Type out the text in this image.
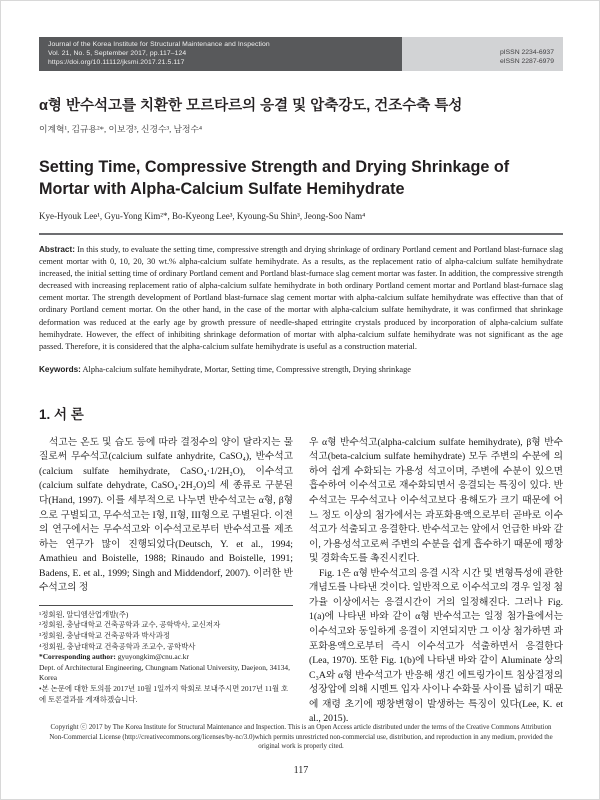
Journal of the Korea Institute for Structural Maintenance and Inspection
Vol. 21, No. 5, September 2017, pp.117–124
https://doi.org/10.11112/jksmi.2017.21.5.117
pISSN 2234-6937
eISSN 2287-6979
α형 반수석고를 치환한 모르타르의 응결 및 압축강도, 건조수축 특성
이계혁¹, 김규용²*, 이보경³, 신경수³, 남정수⁴
Setting Time, Compressive Strength and Drying Shrinkage of Mortar with Alpha-Calcium Sulfate Hemihydrate
Kye-Hyouk Lee¹, Gyu-Yong Kim²*, Bo-Kyeong Lee³, Kyoung-Su Shin³, Jeong-Soo Nam⁴

Abstract: In this study, to evaluate the setting time, compressive strength and drying shrinkage of ordinary Portland cement and Portland blast-furnace slag cement mortar with 0, 10, 20, 30 wt.% alpha-calcium sulfate hemihydrate. As a results, as the replacement ratio of alpha-calcium sulfate hemihydrate increased, the initial setting time of ordinary Portland cement and Portland blast-furnace slag cement mortar was faster. In addition, the compressive strength decreased with increasing replacement ratio of alpha-calcium sulfate hemihydrate in both ordinary Portland cement mortar and Portland blast-furnace slag cement mortar. The strength development of Portland blast-furnace slag cement mortar with alpha-calcium sulfate hemihydrate was effective than that of ordinary Portland cement mortar. On the other hand, in the case of the mortar with alpha-calcium sulfate hemihydrate, it was confirmed that shrinkage deformation was reduced at the early age by growth pressure of needle-shaped ettringite crystals produced by incorporation of alpha-calcium sulfate hemihydrate. However, the effect of inhibiting shrinkage deformation of mortar with alpha-calcium sulfate hemihydrate was not significant as the age passed. Therefore, it is considered that the alpha-calcium sulfate hemihydrate is useful as a construction material.

Keywords: Alpha-calcium sulfate hemihydrate, Mortar, Setting time, Compressive strength, Drying shrinkage

1. 서 론

석고는 온도 및 습도 등에 따라 결정수의 양이 달라지는 물질로써 무수석고(calcium sulfate anhydrite, CaSO₄), 반수석고(calcium sulfate hemihydrate, CaSO₄·1/2H₂O), 이수석고(calcium sulfate dehydrate, CaSO₄·2H₂O)의 세 종류로 구분된다(Hand, 1997). 이를 세부적으로 나누면 반수석고는 α형, β형으로 구별되고, 무수석고는 I형, II형, III형으로 구별된다. 이전의 연구에서는 무수석고와 이수석고로부터 반수석고를 제조하는 연구가 많이 진행되었다(Deutsch, Y. et al., 1994; Amathieu and Boistelle, 1988; Rinaudo and Boistelle, 1991; Badens, E. et al., 1999; Singh and Middendorf, 2007). 이러한 반수석고의 정

¹정회원, 알디엠산업개발(주)
²정회원, 충남대학교 건축공학과 교수, 공학박사, 교신저자
³정회원, 충남대학교 건축공학과 박사과정
⁴정회원, 충남대학교 건축공학과 조교수, 공학박사
*Corresponding author: gyuyongkim@cnu.ac.kr
Dept. of Architectural Engineering, Chungnam National University, Daejeon, 34134, Korea
•본 논문에 대한 토의를 2017년 10월 1일까지 학회로 보내주시면 2017년 11월 호에 토론결과를 게재하겠습니다.

우 α형 반수석고(alpha-calcium sulfate hemihydrate), β형 반수석고(beta-calcium sulfate hemihydrate) 모두 주변의 수분에 의하여 쉽게 수화되는 가용성 석고이며, 주변에 수분이 있으면 흡수하여 이수석고로 재수화되면서 응결되는 특징이 있다. 반수석고는 무수석고나 이수석고보다 용해도가 크기 때문에 어느 정도 이상의 첨가에서는 과포화용액으로부터 곧바로 이수석고가 석출되고 응결한다. 반수석고는 앞에서 언급한 바와 같이, 가용성석고로써 주변의 수분을 쉽게 흡수하기 때문에 팽창 및 경화속도를 촉진시킨다.

Fig. 1은 α형 반수석고의 응결 시작 시간 및 변형특성에 관한 개념도를 나타낸 것이다. 일반적으로 이수석고의 경우 일정 첨가율 이상에서는 응결시간이 거의 일정해진다. 그러나 Fig. 1(a)에 나타낸 바와 같이 α형 반수석고는 일정 첨가율에서는 이수석고와 동일하게 응결이 지연되지만 그 이상 첨가하면 과포화용액으로부터 즉시 이수석고가 석출하면서 응결한다(Lea, 1970). 또한 Fig. 1(b)에 나타낸 바와 같이 Aluminate 상의 C₃A와 α형 반수석고가 반응해 생긴 에트링가이트 침상결정의 성장압에 의해 시멘트 입자 사이나 수화물 사이를 넓히기 때문에 재령 초기에 팽창변형이 발생하는 특징이 있다(Lee, K. et al., 2015).

Copyright ⓒ 2017 by The Korea Institute for Structural Maintenance and Inspection. This is an Open Access article distributed under the terms of the Creative Commons Attribution Non-Commercial License (http://creativecommons.org/licenses/by-nc/3.0)which permits unrestricted non-commercial use, distribution, and reproduction in any medium, provided the original work is properly cited.
117
